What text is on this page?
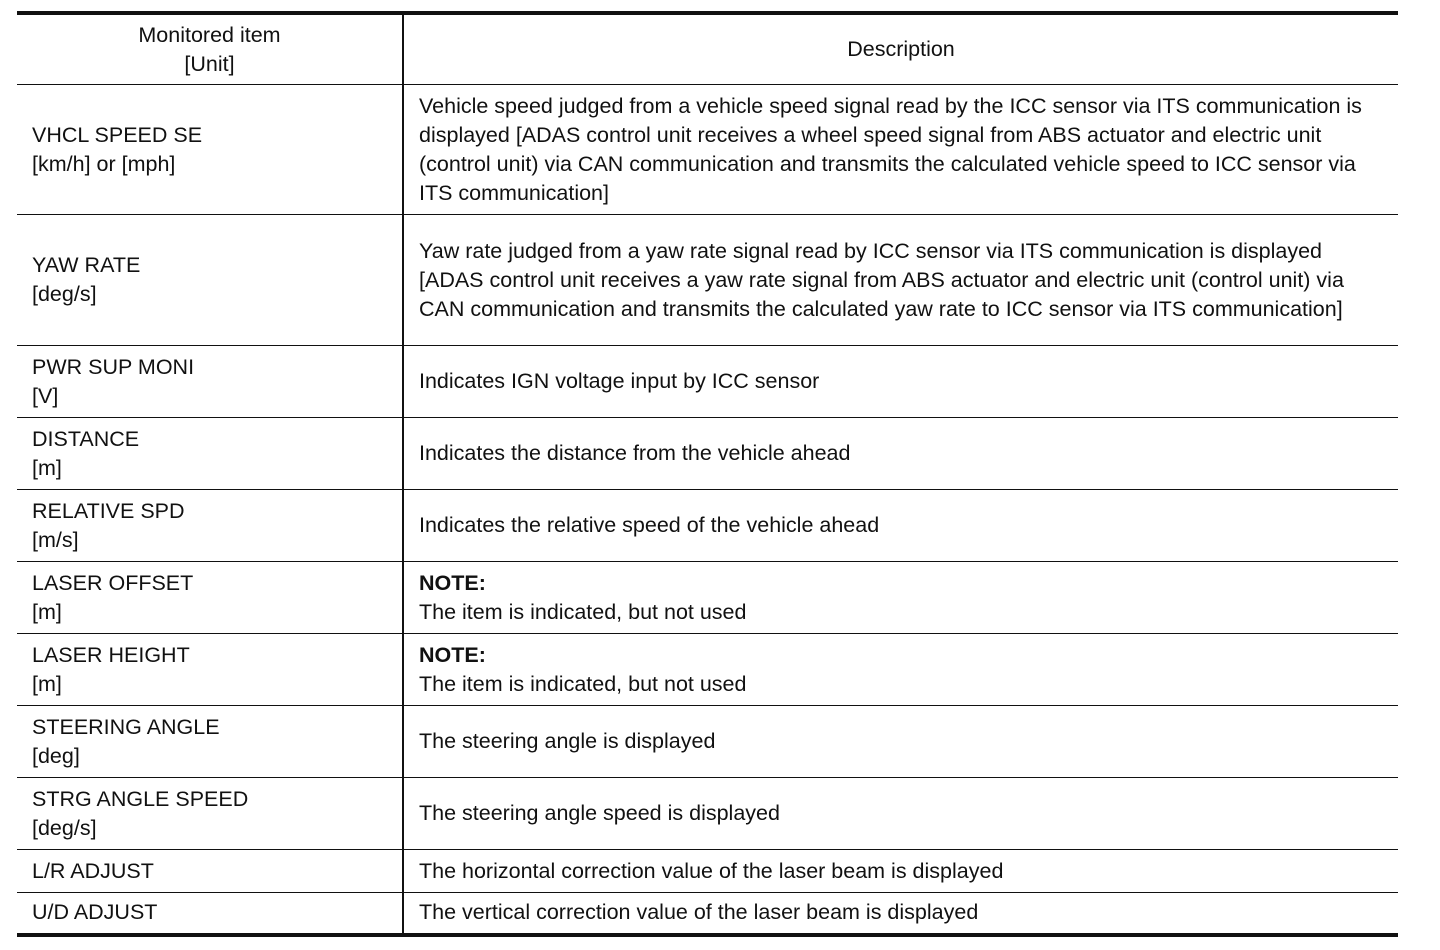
Monitored item
[Unit]	Description

VHCL SPEED SE
[km/h] or [mph]	Vehicle speed judged from a vehicle speed signal read by the ICC sensor via ITS communication is displayed [ADAS control unit receives a wheel speed signal from ABS actuator and electric unit (control unit) via CAN communication and transmits the calculated vehicle speed to ICC sensor via ITS communication]

YAW RATE
[deg/s]	Yaw rate judged from a yaw rate signal read by ICC sensor via ITS communication is displayed [ADAS control unit receives a yaw rate signal from ABS actuator and electric unit (control unit) via CAN communication and transmits the calculated yaw rate to ICC sensor via ITS communication]

PWR SUP MONI
[V]	Indicates IGN voltage input by ICC sensor

DISTANCE
[m]	Indicates the distance from the vehicle ahead

RELATIVE SPD
[m/s]	Indicates the relative speed of the vehicle ahead

LASER OFFSET
[m]	NOTE:
The item is indicated, but not used

LASER HEIGHT
[m]	NOTE:
The item is indicated, but not used

STEERING ANGLE
[deg]	The steering angle is displayed

STRG ANGLE SPEED
[deg/s]	The steering angle speed is displayed

L/R ADJUST	The horizontal correction value of the laser beam is displayed

U/D ADJUST	The vertical correction value of the laser beam is displayed
